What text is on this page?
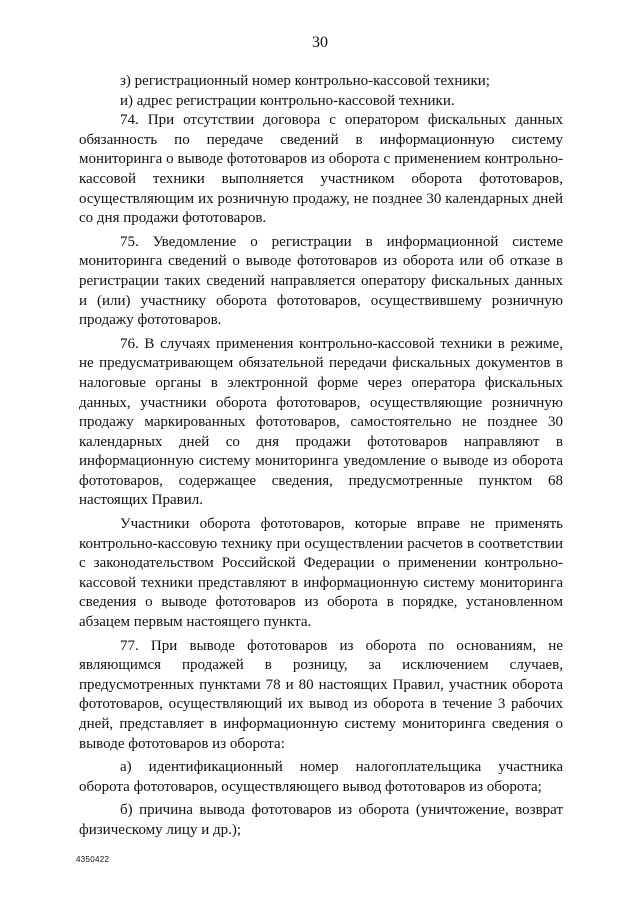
30

з) регистрационный номер контрольно-кассовой техники;

и) адрес регистрации контрольно-кассовой техники.

74. При отсутствии договора с оператором фискальных данных обязанность по передаче сведений в информационную систему мониторинга о выводе фототоваров из оборота с применением контрольно-кассовой техники выполняется участником оборота фототоваров, осуществляющим их розничную продажу, не позднее 30 календарных дней со дня продажи фототоваров.

75. Уведомление о регистрации в информационной системе мониторинга сведений о выводе фототоваров из оборота или об отказе в регистрации таких сведений направляется оператору фискальных данных и (или) участнику оборота фототоваров, осуществившему розничную продажу фототоваров.

76. В случаях применения контрольно-кассовой техники в режиме, не предусматривающем обязательной передачи фискальных документов в налоговые органы в электронной форме через оператора фискальных данных, участники оборота фототоваров, осуществляющие розничную продажу маркированных фототоваров, самостоятельно не позднее 30 календарных дней со дня продажи фототоваров направляют в информационную систему мониторинга уведомление о выводе из оборота фототоваров, содержащее сведения, предусмотренные пунктом 68 настоящих Правил.

Участники оборота фототоваров, которые вправе не применять контрольно-кассовую технику при осуществлении расчетов в соответствии с законодательством Российской Федерации о применении контрольно-кассовой техники представляют в информационную систему мониторинга сведения о выводе фототоваров из оборота в порядке, установленном абзацем первым настоящего пункта.

77. При выводе фототоваров из оборота по основаниям, не являющимся продажей в розницу, за исключением случаев, предусмотренных пунктами 78 и 80 настоящих Правил, участник оборота фототоваров, осуществляющий их вывод из оборота в течение 3 рабочих дней, представляет в информационную систему мониторинга сведения о выводе фототоваров из оборота:

а) идентификационный номер налогоплательщика участника оборота фототоваров, осуществляющего вывод фототоваров из оборота;

б) причина вывода фототоваров из оборота (уничтожение, возврат физическому лицу и др.);

4350422
